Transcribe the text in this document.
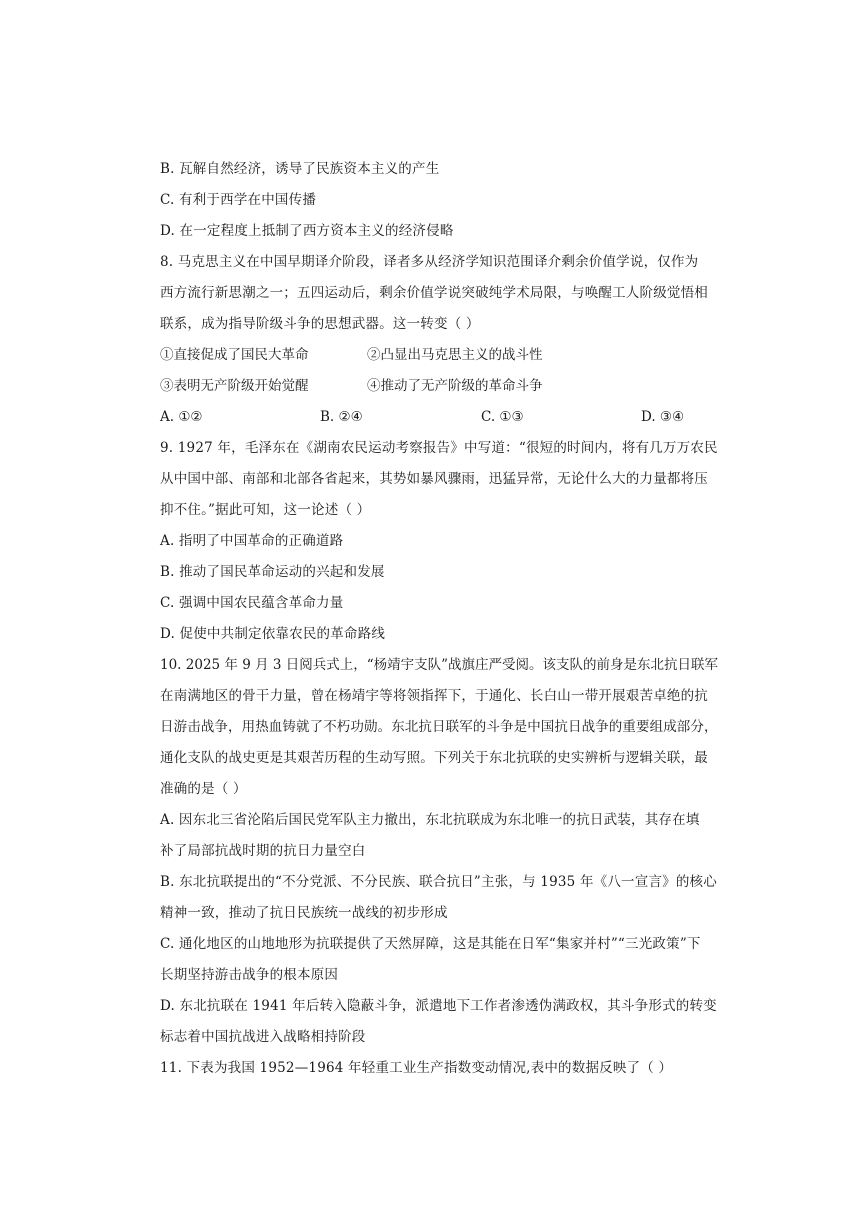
B. 瓦解自然经济，诱导了民族资本主义的产生
C. 有利于西学在中国传播
D. 在一定程度上抵制了西方资本主义的经济侵略
8. 马克思主义在中国早期译介阶段，译者多从经济学知识范围译介剩余价值学说，仅作为
西方流行新思潮之一；五四运动后，剩余价值学说突破纯学术局限，与唤醒工人阶级觉悟相
联系，成为指导阶级斗争的思想武器。这一转变（ ）
①直接促成了国民大革命	②凸显出马克思主义的战斗性
③表明无产阶级开始觉醒	④推动了无产阶级的革命斗争
A. ①②	B. ②④	C. ①③	D. ③④
9. 1927 年，毛泽东在《湖南农民运动考察报告》中写道：“很短的时间内，将有几万万农民
从中国中部、南部和北部各省起来，其势如暴风骤雨，迅猛异常，无论什么大的力量都将压
抑不住。”据此可知，这一论述（ ）
A. 指明了中国革命的正确道路
B. 推动了国民革命运动的兴起和发展
C. 强调中国农民蕴含革命力量
D. 促使中共制定依靠农民的革命路线
10. 2025 年 9 月 3 日阅兵式上，“杨靖宇支队”战旗庄严受阅。该支队的前身是东北抗日联军
在南满地区的骨干力量，曾在杨靖宇等将领指挥下，于通化、长白山一带开展艰苦卓绝的抗
日游击战争，用热血铸就了不朽功勋。东北抗日联军的斗争是中国抗日战争的重要组成部分，
通化支队的战史更是其艰苦历程的生动写照。下列关于东北抗联的史实辨析与逻辑关联，最
准确的是（ ）
A. 因东北三省沦陷后国民党军队主力撤出，东北抗联成为东北唯一的抗日武装，其存在填
补了局部抗战时期的抗日力量空白
B. 东北抗联提出的“不分党派、不分民族、联合抗日”主张，与 1935 年《八一宣言》的核心
精神一致，推动了抗日民族统一战线的初步形成
C. 通化地区的山地地形为抗联提供了天然屏障，这是其能在日军“集家并村”“三光政策”下
长期坚持游击战争的根本原因
D. 东北抗联在 1941 年后转入隐蔽斗争，派遣地下工作者渗透伪满政权，其斗争形式的转变
标志着中国抗战进入战略相持阶段
11. 下表为我国 1952—1964 年轻重工业生产指数变动情况,表中的数据反映了（ ）
